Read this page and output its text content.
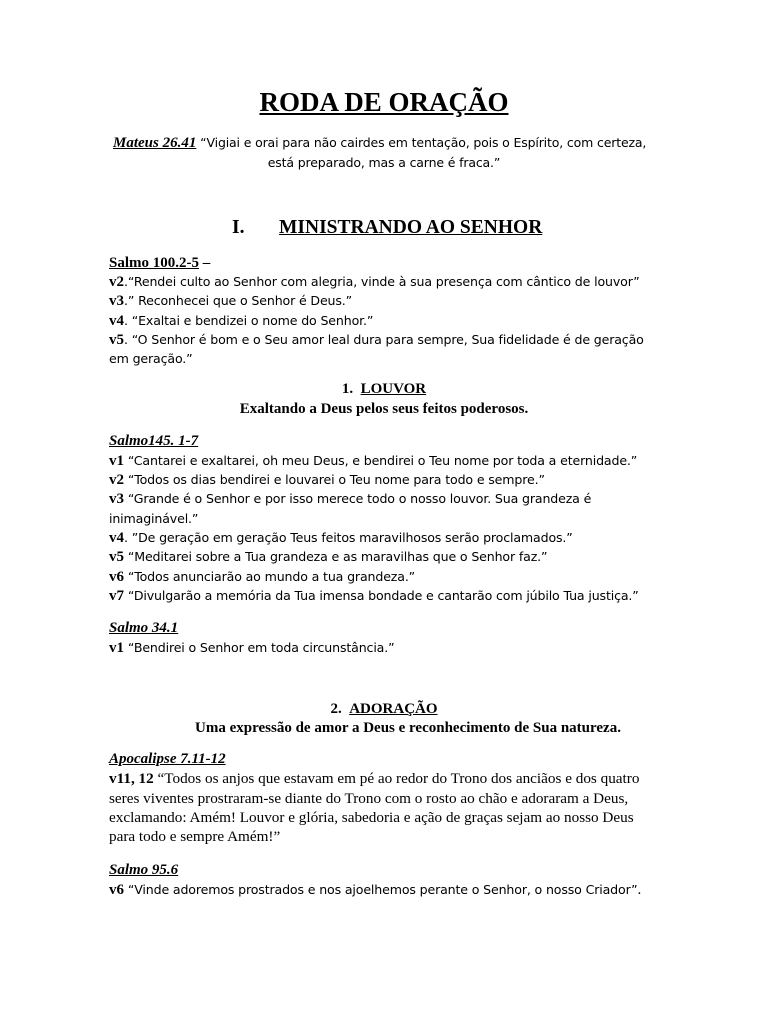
RODA DE ORAÇÃO
Mateus 26.41 “Vigiai e orai para não cairdes em tentação, pois o Espírito, com certeza,
está preparado, mas a carne é fraca.”
I. MINISTRANDO AO SENHOR
Salmo 100.2-5 –
v2.“Rendei culto ao Senhor com alegria, vinde à sua presença com cântico de louvor”
v3.” Reconhecei que o Senhor é Deus.”
v4. “Exaltai e bendizei o nome do Senhor.”
v5. “O Senhor é bom e o Seu amor leal dura para sempre, Sua fidelidade é de geração
em geração.”
1. LOUVOR
Exaltando a Deus pelos seus feitos poderosos.
Salmo145. 1-7
v1 “Cantarei e exaltarei, oh meu Deus, e bendirei o Teu nome por toda a eternidade.”
v2 “Todos os dias bendirei e louvarei o Teu nome para todo e sempre.”
v3 “Grande é o Senhor e por isso merece todo o nosso louvor. Sua grandeza é
inimaginável.”
v4. ”De geração em geração Teus feitos maravilhosos serão proclamados.”
v5 “Meditarei sobre a Tua grandeza e as maravilhas que o Senhor faz.”
v6 “Todos anunciarão ao mundo a tua grandeza.”
v7 “Divulgarão a memória da Tua imensa bondade e cantarão com júbilo Tua justiça.”
Salmo 34.1
v1 “Bendirei o Senhor em toda circunstância.”
2. ADORAÇÃO
Uma expressão de amor a Deus e reconhecimento de Sua natureza.
Apocalipse 7.11-12
v11, 12 “Todos os anjos que estavam em pé ao redor do Trono dos anciãos e dos quatro
seres viventes prostraram-se diante do Trono com o rosto ao chão e adoraram a Deus,
exclamando: Amém! Louvor e glória, sabedoria e ação de graças sejam ao nosso Deus
para todo e sempre Amém!”
Salmo 95.6
v6 “Vinde adoremos prostrados e nos ajoelhemos perante o Senhor, o nosso Criador”.
